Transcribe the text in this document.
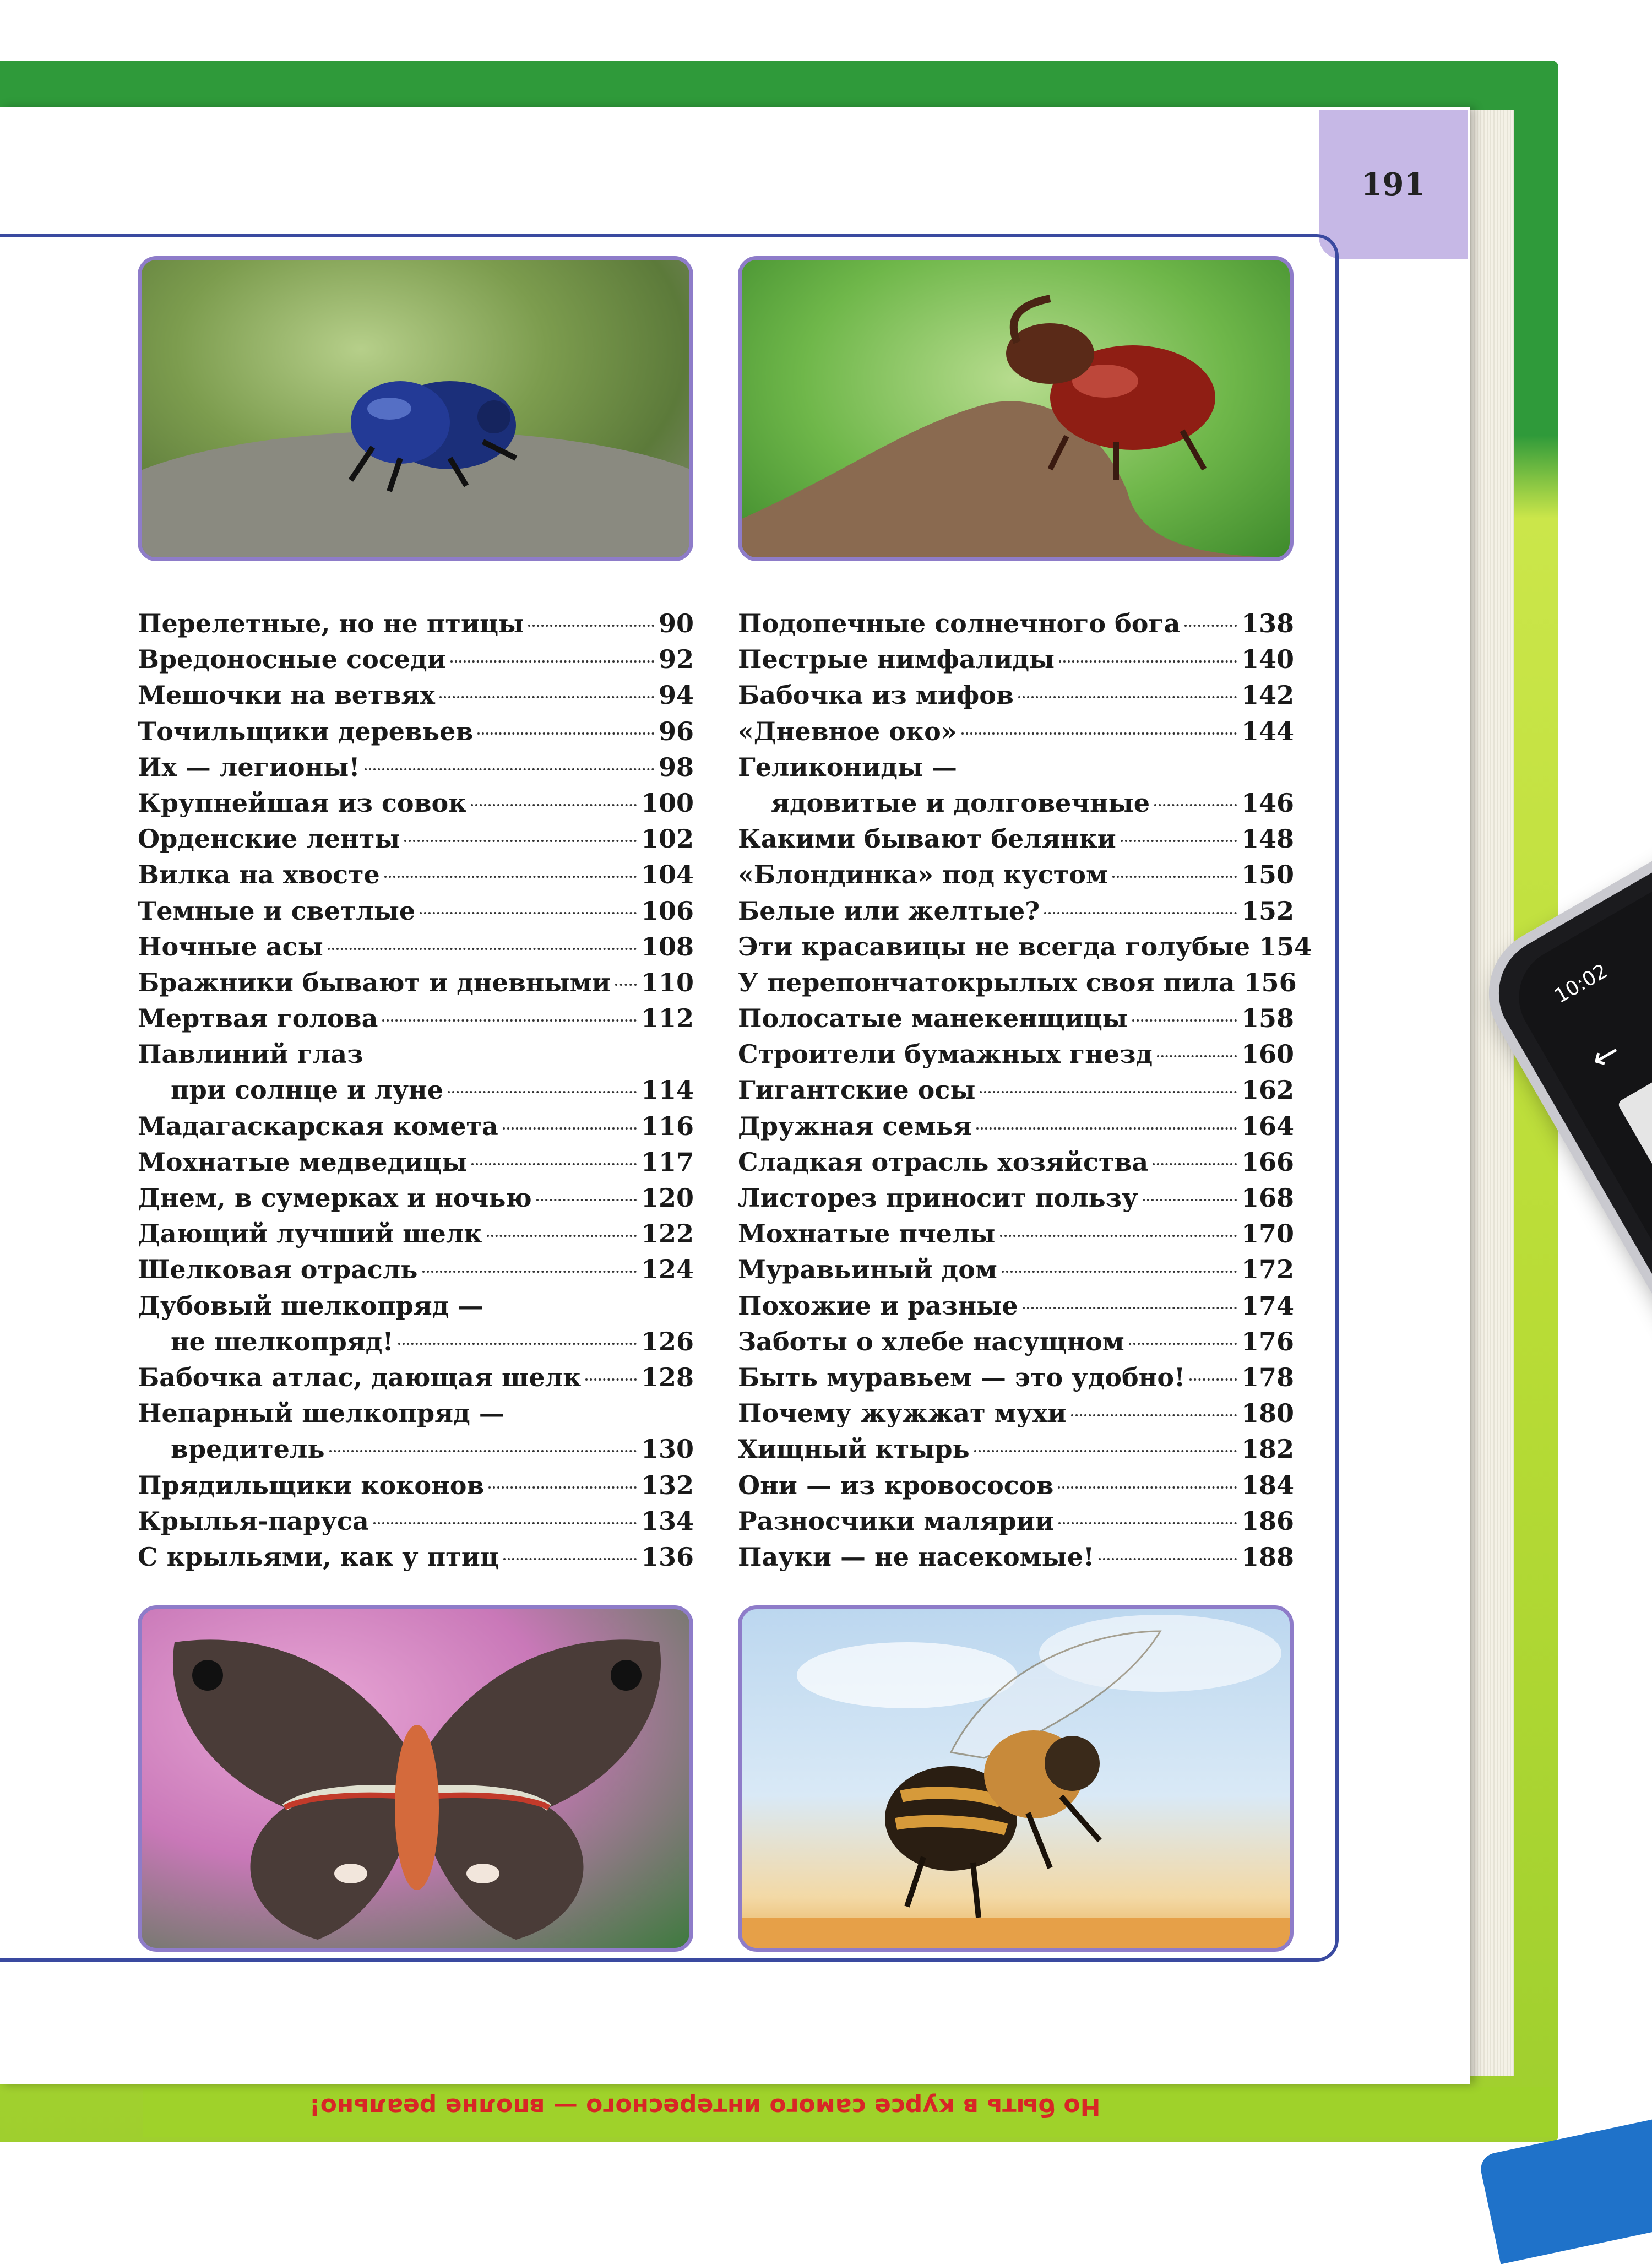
Но быть в курсе самого интересного — вполне реально!
191
Перелетные, но не птицы	90
Вредоносные соседи	92
Мешочки на ветвях	94
Точильщики деревьев	96
Их — легионы!	98
Крупнейшая из совок	100
Орденские ленты	102
Вилка на хвосте	104
Темные и светлые	106
Ночные асы	108
Бражники бывают и дневными 110
Мертвая голова	112
Павлиний глаз
при солнце и луне	114
Мадагаскарская комета	116
Мохнатые медведицы	117
Днем, в сумерках и ночью	120
Дающий лучший шелк	122
Шелковая отрасль	124
Дубовый шелкопряд —
не шелкопряд!	126
Бабочка атлас, дающая шелк 128
Непарный шелкопряд —
вредитель	130
Прядильщики коконов	132
Крылья-паруса	134
С крыльями, как у птиц	136
Подопечные солнечного бога 138
Пестрые нимфалиды	140
Бабочка из мифов	142
«Дневное око»	144
Геликониды —
ядовитые и долговечные	146
Какими бывают белянки	148
«Блондинка» под кустом	150
Белые или желтые?	152
Эти красавицы не всегда голубые 154
У перепончатокрылых своя пила 156
Полосатые манекенщицы	158
Строители бумажных гнезд	160
Гигантские осы	162
Дружная семья	164
Сладкая отрасль хозяйства	166
Листорез приносит пользу	168
Мохнатые пчелы	170
Муравьиный дом	172
Похожие и разные	174
Заботы о хлебе насущном	176
Быть муравьем — это удобно! 178
Почему жужжат мухи	180
Хищный ктырь	182
Они — из кровососов	184
Разносчики малярии	186
Пауки — не насекомые!	188
10:02
←
